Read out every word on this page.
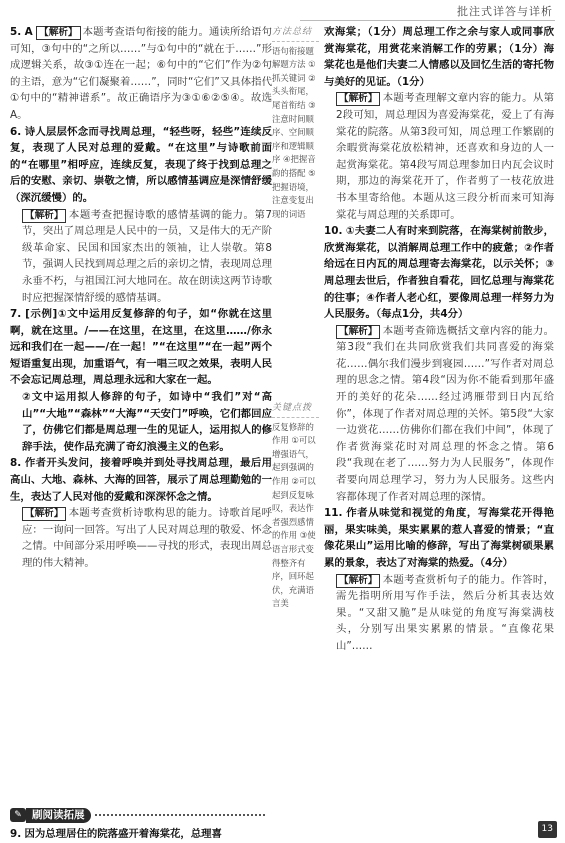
批注式详答与详析

5. A 【解析】 本题考查语句衔接的能力。通读所给语句可知，③句中的“之所以……”与①句中的“就在于……”形成逻辑关系，故③①连在一起；⑥句中的“它们”作为②句的主语，意为“它们凝聚着……”，同时“它们”又具体指代①句中的“精神谱系”。故正确语序为③①⑥②⑤④。故选A。

6. 诗人层层怀念而寻找周总理，“轻些呀，轻些”连续反复，表现了人民对总理的爱戴。“在这里”与诗歌前面的“在哪里”相呼应，连续反复，表现了终于找到总理之后的安慰、亲切、崇敬之情，所以感情基调应是深情舒缓（深沉缓慢）的。

【解析】 本题考查把握诗歌的感情基调的能力。第7节，突出了周总理是人民中的一员，又是伟大的无产阶级革命家、民国和国家杰出的领袖，让人崇敬。第8节，强调人民找到周总理之后的亲切之情，表现周总理永垂不朽，与祖国江河大地同在。故在朗读这两节诗歌时应把握深情舒缓的感情基调。

7. [示例]①文中运用反复修辞的句子，如“你就在这里啊，就在这里。/——在这里，在这里，在这里……/你永远和我们在一起——/在一起！”“在这里”“在一起”两个短语重复出现，加重语气，有一唱三叹之效果，表明人民不会忘记周总理，周总理永远和大家在一起。

②文中运用拟人修辞的句子，如诗中“我们”对“高山”“大地”“森林”“大海”“天安门”呼唤，它们都回应了，仿佛它们都是周总理一生的见证人，运用拟人的修辞手法，使作品充满了奇幻浪漫主义的色彩。

8. 作者开头发问，接着呼唤并到处寻找周总理，最后用高山、大地、森林、大海的回答，展示了周总理勤勉的一生，表达了人民对他的爱戴和深深怀念之情。

【解析】 本题考查赏析诗歌构思的能力。诗歌首尾呼应：一询问一回答。写出了人民对周总理的敬爱、怀念之情。中间部分采用呼唤——寻找的形式，表现出周总理的伟大精神。

✎ 刷阅读拓展

9. 因为总理居住的院落盛开着海棠花，总理喜

方法总结
语句衔接题解题方法 ①抓关键词 ②头头衔尾，尾首衔结 ③注意时间顺序、空间顺序和逻辑顺序 ④把握音韵的搭配 ⑤把握语境，注意变复出现的词语
关键点拨
反复修辞的作用 ①可以增强语气，起到强调的作用 ②可以起到反复咏叹，表达作者强烈感情的作用 ③使语言形式变得整齐有序，回环起伏，充满语言美

欢海棠；（1分）周总理工作之余与家人或同事欣赏海棠花，用赏花来消解工作的劳累；（1分）海棠花也是他们夫妻二人情感以及回忆生活的寄托物与美好的见证。（1分）

【解析】 本题考查理解文章内容的能力。从第2段可知，周总理因为喜爱海棠花，爱上了有海棠花的院落。从第3段可知，周总理工作繁剧的余暇赏海棠花放松精神，还喜欢和身边的人一起赏海棠花。第4段写周总理参加日内瓦会议时期，那边的海棠花开了，作者剪了一枝花放进书本里寄给他。本题从这三段分析而来可知海棠花与周总理的关系即可。

10. ①夫妻二人有时来到院落，在海棠树前散步，欣赏海棠花，以消解周总理工作中的疲惫；②作者给远在日内瓦的周总理寄去海棠花，以示关怀；③周总理去世后，作者独自看花，回忆总理与海棠花的往事；④作者人老心红，要像周总理一样努力为人民服务。（每点1分，共4分）

【解析】 本题考查筛选概括文章内容的能力。第3段“我们在共同欣赏我们共同喜爱的海棠花……偶尔我们漫步到寝园……”写作者对周总理的思念之情。第4段“因为你不能看到那年盛开的美好的花朵……经过鸿雁带到日内瓦给你”，体现了作者对周总理的关怀。第5段“大家一边赏花……仿佛你们都在我们中间”，体现了作者赏海棠花时对周总理的怀念之情。第6段“我现在老了……努力为人民服务”，体现作者要向周总理学习，努力为人民服务。这些内容都体现了作者对周总理的深情。

11. 作者从味觉和视觉的角度，写海棠花开得艳丽，果实味美，果实累累的惹人喜爱的情景；“直像花果山”运用比喻的修辞，写出了海棠树硕果累累的景象，表达了对海棠的热爱。（4分）

【解析】 本题考查赏析句子的能力。作答时，需先指明所用写作手法，然后分析其表达效果。“又甜又脆”是从味觉的角度写海棠满枝头，分别写出果实累累的情景。“直像花果山”……

13
